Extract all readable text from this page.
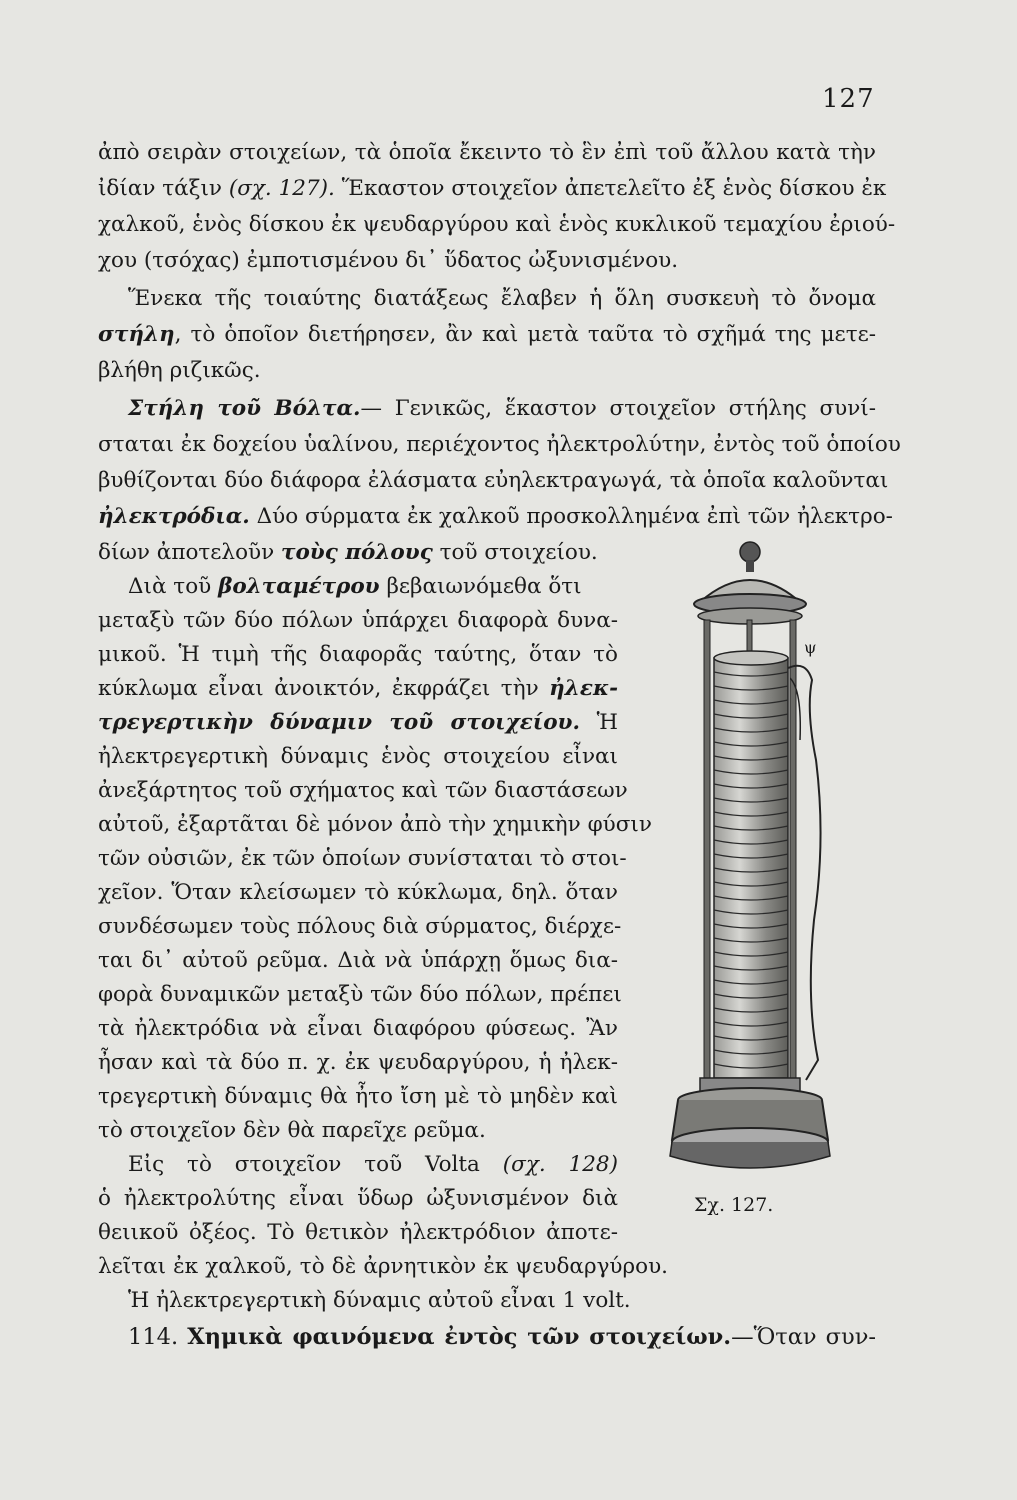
127
ἀπὸ σειρὰν στοιχείων, τὰ ὁποῖα ἔκειντο τὸ ἓν ἐπὶ τοῦ ἄλλου κατὰ τὴν
ἰδίαν τάξιν (σχ. 127). Ἕκαστον στοιχεῖον ἀπετελεῖτο ἐξ ἑνὸς δίσκου ἐκ
χαλκοῦ, ἑνὸς δίσκου ἐκ ψευδαργύρου καὶ ἑνὸς κυκλικοῦ τεμαχίου ἐριού-
χου (τσόχας) ἐμποτισμένου δι᾿ ὕδατος ὠξυνισμένου.
Ἕνεκα τῆς τοιαύτης διατάξεως ἔλαβεν ἡ ὅλη συσκευὴ τὸ ὄνομα
στήλη, τὸ ὁποῖον διετήρησεν, ἂν καὶ μετὰ ταῦτα τὸ σχῆμά της μετε-
βλήθη ριζικῶς.
Στήλη τοῦ Βόλτα.— Γενικῶς, ἕκαστον στοιχεῖον στήλης συνί-
σταται ἐκ δοχείου ὑαλίνου, περιέχοντος ἠλεκτρολύτην, ἐντὸς τοῦ ὁποίου
βυθίζονται δύο διάφορα ἐλάσματα εὐηλεκτραγωγά, τὰ ὁποῖα καλοῦνται
ἠλεκτρόδια. Δύο σύρματα ἐκ χαλκοῦ προσκολλημένα ἐπὶ τῶν ἠλεκτρο-
δίων ἀποτελοῦν τοὺς πόλους τοῦ στοιχείου.
Διὰ τοῦ βολταμέτρου βεβαιωνόμεθα ὅτι
μεταξὺ τῶν δύο πόλων ὑπάρχει διαφορὰ δυνα-
μικοῦ. Ἡ τιμὴ τῆς διαφορᾶς ταύτης, ὅταν τὸ
κύκλωμα εἶναι ἀνοικτόν, ἐκφράζει τὴν ἠλεκ-
τρεγερτικὴν δύναμιν τοῦ στοιχείου. Ἡ
ἠλεκτρεγερτικὴ δύναμις ἑνὸς στοιχείου εἶναι
ἀνεξάρτητος τοῦ σχήματος καὶ τῶν διαστάσεων
αὐτοῦ, ἐξαρτᾶται δὲ μόνον ἀπὸ τὴν χημικὴν φύσιν
τῶν οὐσιῶν, ἐκ τῶν ὁποίων συνίσταται τὸ στοι-
χεῖον. Ὅταν κλείσωμεν τὸ κύκλωμα, δηλ. ὅταν
συνδέσωμεν τοὺς πόλους διὰ σύρματος, διέρχε-
ται δι᾿ αὐτοῦ ρεῦμα. Διὰ νὰ ὑπάρχῃ ὅμως δια-
φορὰ δυναμικῶν μεταξὺ τῶν δύο πόλων, πρέπει
τὰ ἠλεκτρόδια νὰ εἶναι διαφόρου φύσεως. Ἂν
ἦσαν καὶ τὰ δύο π. χ. ἐκ ψευδαργύρου, ἡ ἠλεκ-
τρεγερτικὴ δύναμις θὰ ἦτο ἴση μὲ τὸ μηδὲν καὶ
τὸ στοιχεῖον δὲν θὰ παρεῖχε ρεῦμα.
Εἰς τὸ στοιχεῖον τοῦ Volta (σχ. 128)
ὁ ἠλεκτρολύτης εἶναι ὕδωρ ὠξυνισμένον διὰ
θειικοῦ ὀξέος. Τὸ θετικὸν ἠλεκτρόδιον ἀποτε-
λεῖται ἐκ χαλκοῦ, τὸ δὲ ἀρνητικὸν ἐκ ψευδαργύρου.
Ἡ ἠλεκτρεγερτικὴ δύναμις αὐτοῦ εἶναι 1 volt.
114. Χημικὰ φαινόμενα ἐντὸς τῶν στοιχείων.—Ὅταν συν-
ψ
Σχ. 127.
